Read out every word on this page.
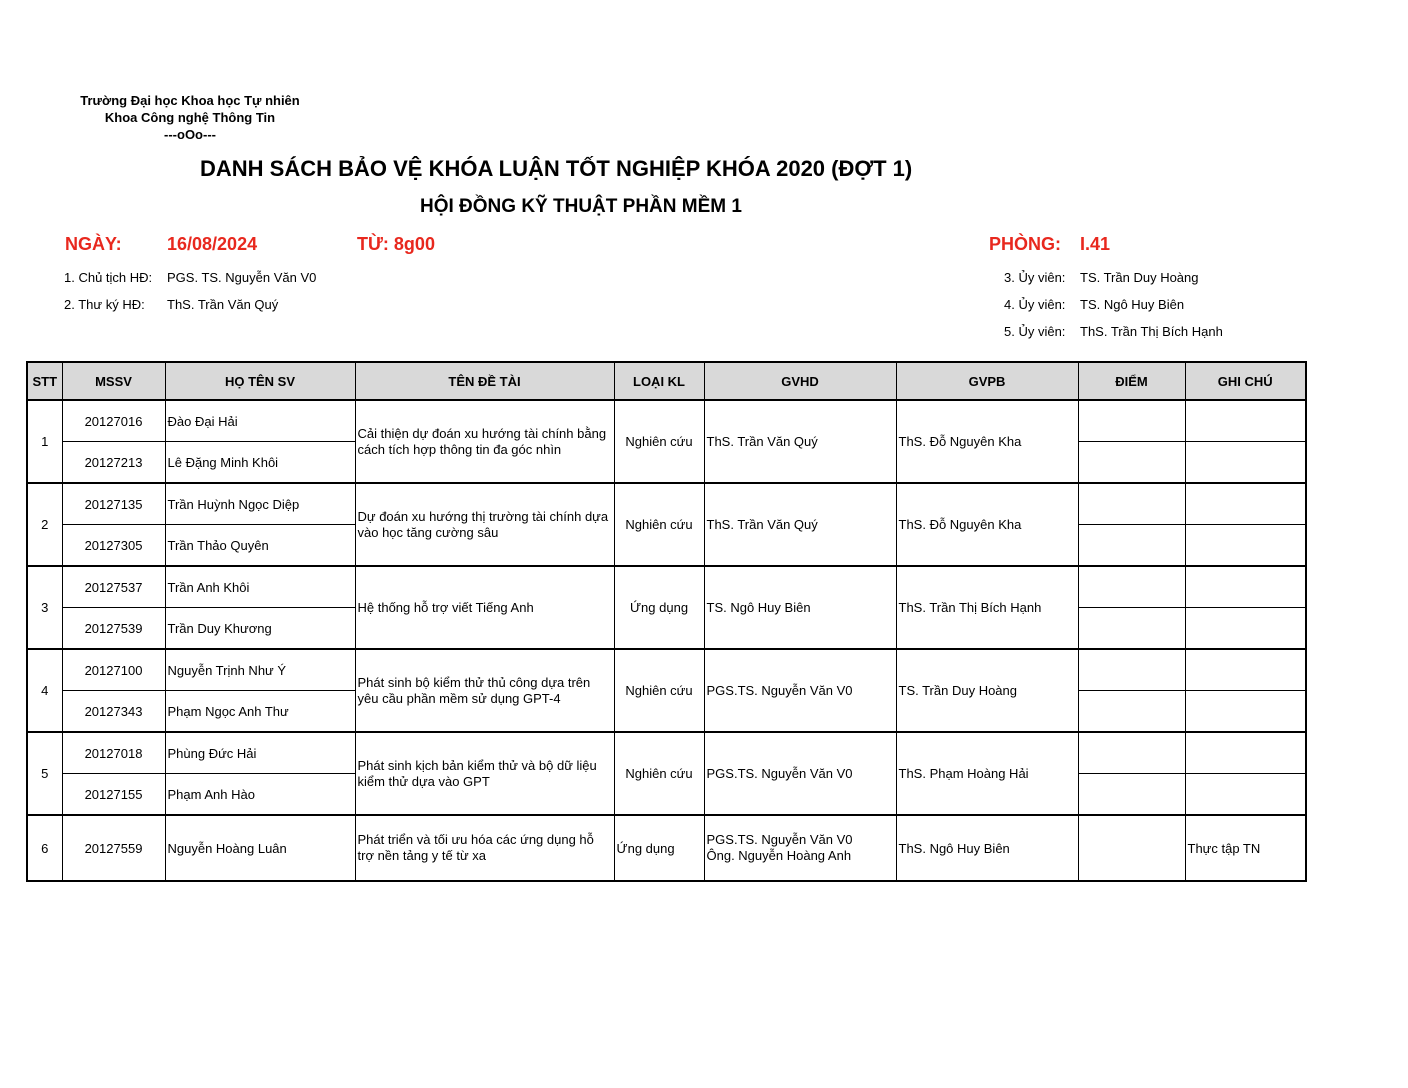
Trường Đại học Khoa học Tự nhiên
Khoa Công nghệ Thông Tin
---oOo---
DANH SÁCH BẢO VỆ KHÓA LUẬN TỐT NGHIỆP KHÓA 2020 (ĐỢT 1)
HỘI ĐỒNG KỸ THUẬT PHẦN MỀM 1
NGÀY:	16/08/2024	TỪ: 8g00	PHÒNG: I.41
1. Chủ tịch HĐ: PGS. TS. Nguyễn Văn V0
2. Thư ký HĐ: ThS. Trần Văn Quý
3. Ủy viên: TS. Trần Duy Hoàng
4. Ủy viên: TS. Ngô Huy Biên
5. Ủy viên: ThS. Trần Thị Bích Hạnh
STT	MSSV	HỌ TÊN SV	TÊN ĐỀ TÀI	LOẠI KL	GVHD	GVPB	ĐIỂM	GHI CHÚ
1	20127016	Đào Đại Hải	Cải thiện dự đoán xu hướng tài chính bằng cách tích hợp thông tin đa góc nhìn	Nghiên cứu	ThS. Trần Văn Quý	ThS. Đỗ Nguyên Kha		
	20127213	Lê Đặng Minh Khôi						
2	20127135	Trần Huỳnh Ngọc Diệp	Dự đoán xu hướng thị trường tài chính dựa vào học tăng cường sâu	Nghiên cứu	ThS. Trần Văn Quý	ThS. Đỗ Nguyên Kha		
	20127305	Trần Thảo Quyên						
3	20127537	Trần Anh Khôi	Hệ thống hỗ trợ viết Tiếng Anh	Ứng dụng	TS. Ngô Huy Biên	ThS. Trần Thị Bích Hạnh		
	20127539	Trần Duy Khương						
4	20127100	Nguyễn Trịnh Như Ý	Phát sinh bộ kiểm thử thủ công dựa trên yêu cầu phần mềm sử dụng GPT-4	Nghiên cứu	PGS.TS. Nguyễn Văn V0	TS. Trần Duy Hoàng		
	20127343	Phạm Ngọc Anh Thư						
5	20127018	Phùng Đức Hải	Phát sinh kịch bản kiểm thử và bộ dữ liệu kiểm thử dựa vào GPT	Nghiên cứu	PGS.TS. Nguyễn Văn V0	ThS. Phạm Hoàng Hải		
	20127155	Phạm Anh Hào						
6	20127559	Nguyễn Hoàng Luân	Phát triển và tối ưu hóa các ứng dụng hỗ trợ nền tảng y tế từ xa	Ứng dụng	PGS.TS. Nguyễn Văn V0
Ông. Nguyễn Hoàng Anh	ThS. Ngô Huy Biên		Thực tập TN
